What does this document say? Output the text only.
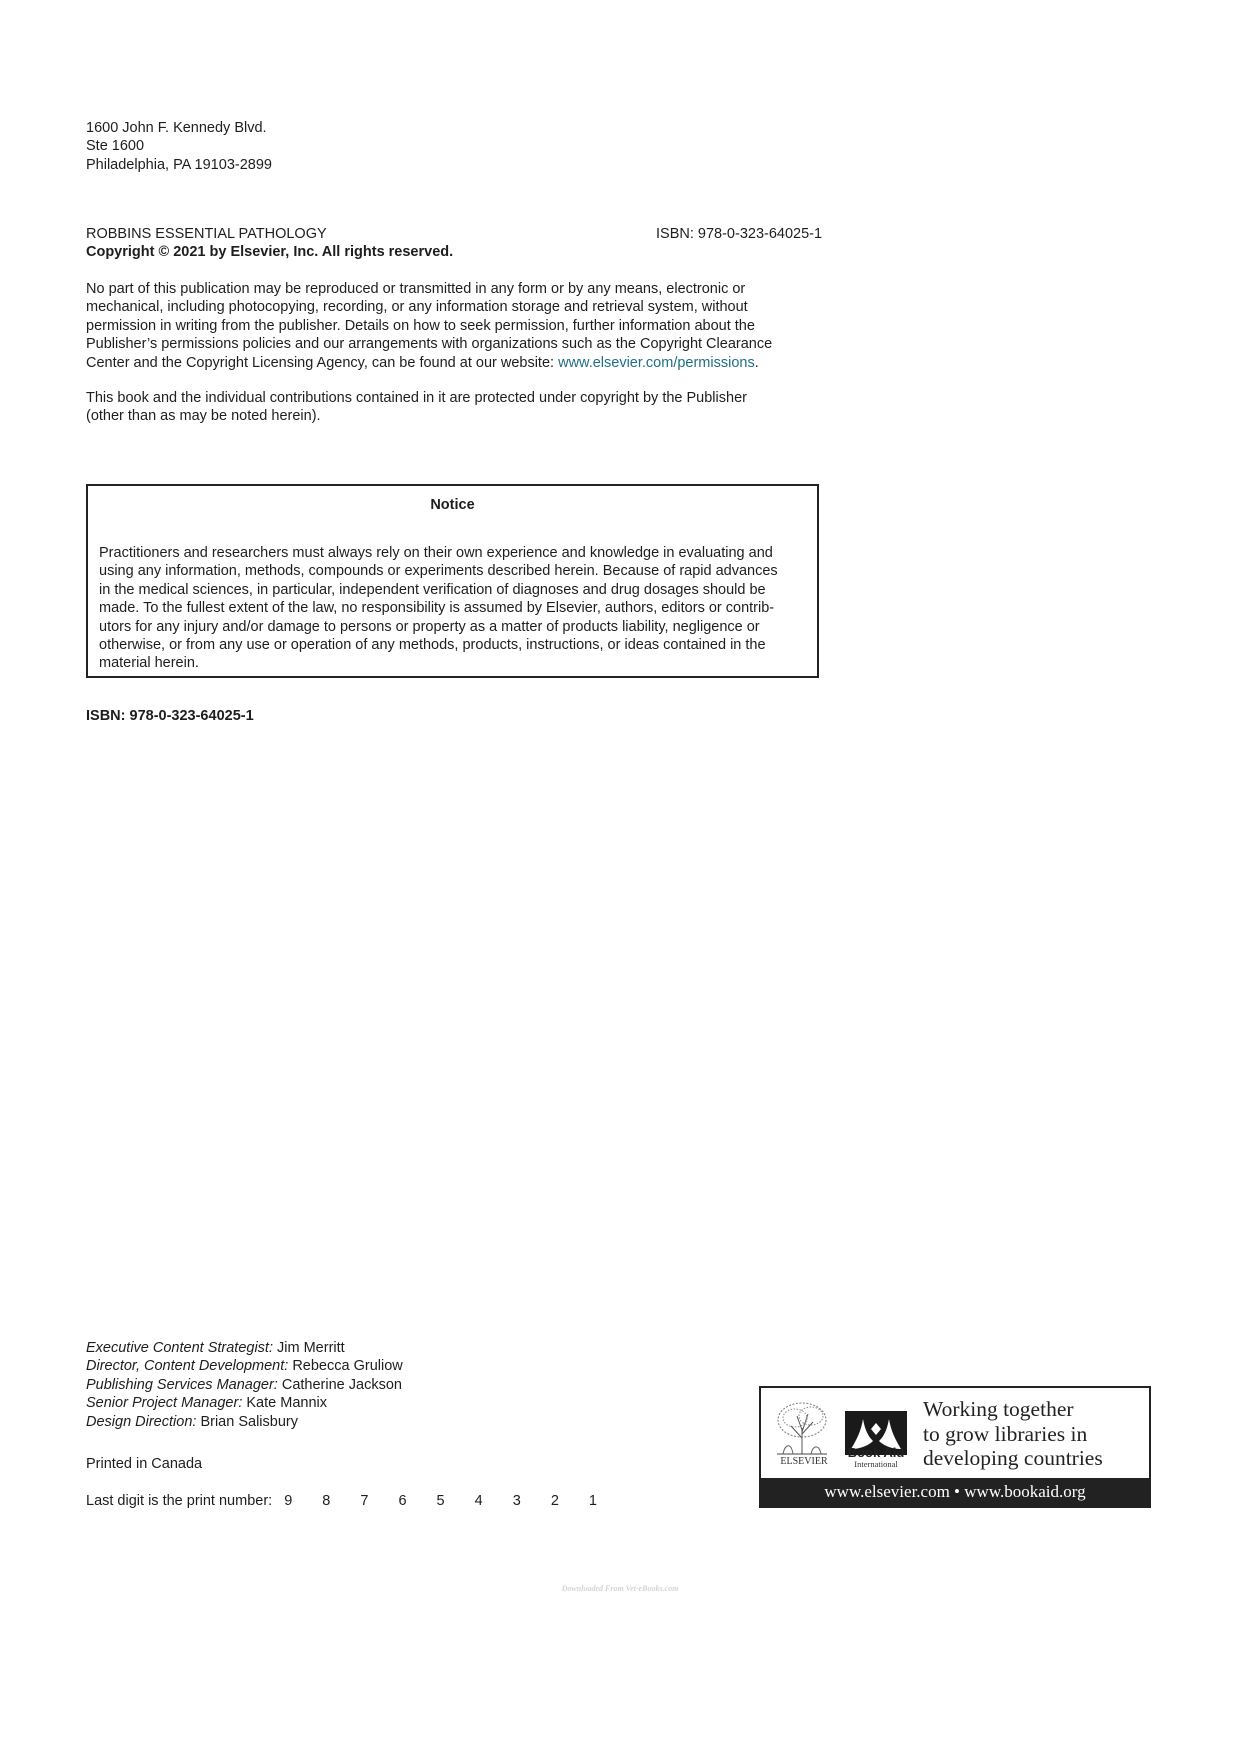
1600 John F. Kennedy Blvd.
Ste 1600
Philadelphia, PA 19103-2899
ROBBINS ESSENTIAL PATHOLOGY	ISBN: 978-0-323-64025-1
Copyright © 2021 by Elsevier, Inc. All rights reserved.
No part of this publication may be reproduced or transmitted in any form or by any means, electronic or
mechanical, including photocopying, recording, or any information storage and retrieval system, without
permission in writing from the publisher. Details on how to seek permission, further information about the
Publisher’s permissions policies and our arrangements with organizations such as the Copyright Clearance
Center and the Copyright Licensing Agency, can be found at our website: www.elsevier.com/permissions.
This book and the individual contributions contained in it are protected under copyright by the Publisher
(other than as may be noted herein).
Notice
Practitioners and researchers must always rely on their own experience and knowledge in evaluating and
using any information, methods, compounds or experiments described herein. Because of rapid advances
in the medical sciences, in particular, independent verification of diagnoses and drug dosages should be
made. To the fullest extent of the law, no responsibility is assumed by Elsevier, authors, editors or contrib-
utors for any injury and/or damage to persons or property as a matter of products liability, negligence or
otherwise, or from any use or operation of any methods, products, instructions, or ideas contained in the
material herein.
ISBN: 978-0-323-64025-1
Executive Content Strategist: Jim Merritt
Director, Content Development: Rebecca Gruliow
Publishing Services Manager: Catherine Jackson
Senior Project Manager: Kate Mannix
Design Direction: Brian Salisbury
Printed in Canada
Last digit is the print number: 9 8 7 6 5 4 3 2 1
ELSEVIER
Book Aid
International
Working together
to grow libraries in
developing countries
www.elsevier.com • www.bookaid.org
Downloaded From Vet-eBooks.com
